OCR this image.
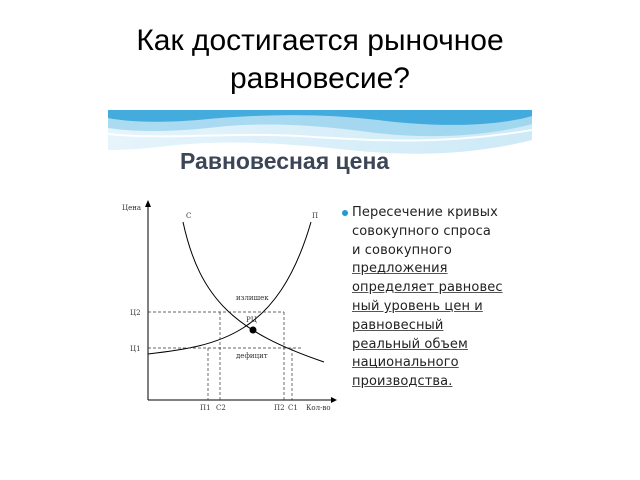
Как достигается рыночное
равновесие?
Равновесная цена
Цена
Кол-во
С	П
Ц2
Ц1
П1 С2	П2 С1
излишек
РЦ
дефицит
Пересечение кривых
совокупного спроса
и совокупного
предложения
определяет равновес
ный уровень цен и
равновесный
реальный объем
национального
производства.
